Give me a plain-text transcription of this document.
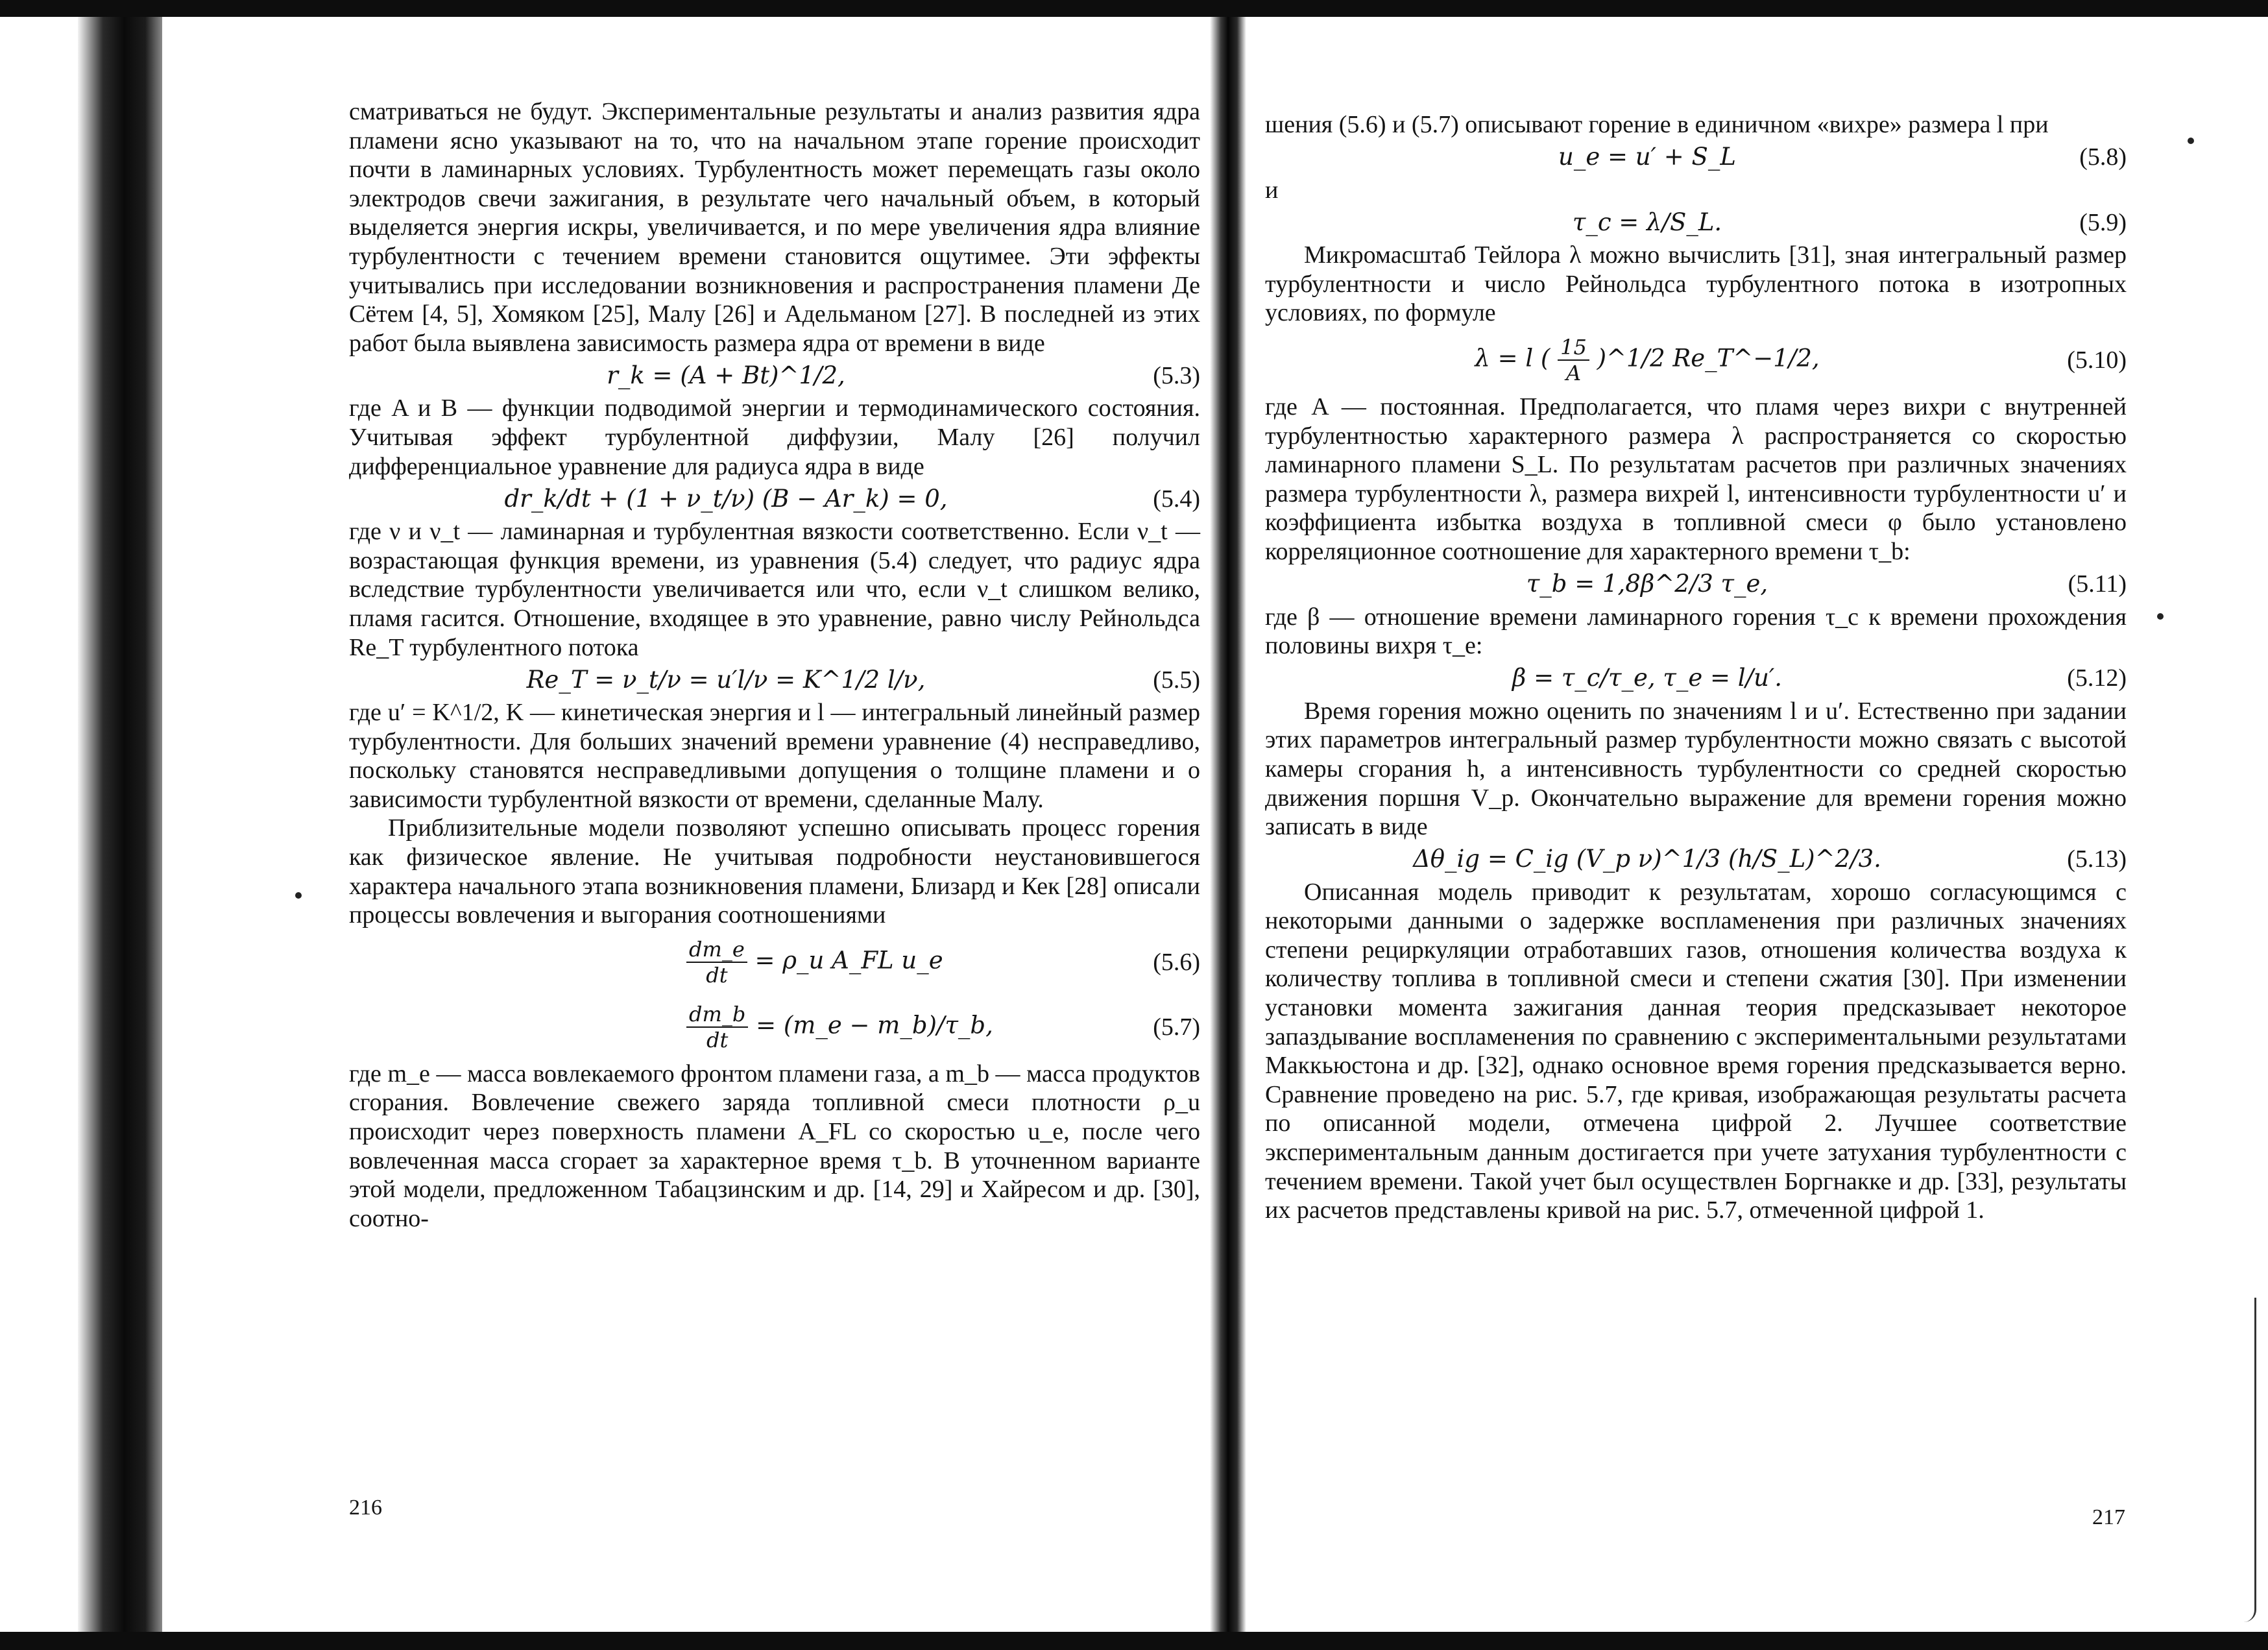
сматриваться не будут. Экспериментальные результаты и анализ развития ядра пламени ясно указывают на то, что на начальном этапе горение происходит почти в ламинарных условиях. Турбулентность может перемещать газы около электродов свечи зажигания, в результате чего начальный объем, в который выделяется энергия искры, увеличивается, и по мере увеличения ядра влияние турбулентности с течением времени становится ощутимее. Эти эффекты учитывались при исследовании возникновения и распространения пламени Де Сётем [4, 5], Хомяком [25], Малу [26] и Адельманом [27]. В последней из этих работ была выявлена зависимость размера ядра от времени в виде

r_k = (A + Bt)^1/2,	(5.3)

где A и B — функции подводимой энергии и термодинамического состояния. Учитывая эффект турбулентной диффузии, Малу [26] получил дифференциальное уравнение для радиуса ядра в виде

dr_k/dt + (1 + ν_t/ν) (B − Ar_k) = 0,	(5.4)

где ν и ν_t — ламинарная и турбулентная вязкости соответственно. Если ν_t — возрастающая функция времени, из уравнения (5.4) следует, что радиус ядра вследствие турбулентности увеличивается или что, если ν_t слишком велико, пламя гасится. Отношение, входящее в это уравнение, равно числу Рейнольдса Re_T турбулентного потока

Re_T = ν_t/ν = u′l/ν = K^1/2 l/ν,	(5.5)

где u′ = K^1/2, K — кинетическая энергия и l — интегральный линейный размер турбулентности. Для больших значений времени уравнение (4) несправедливо, поскольку становятся несправедливыми допущения о толщине пламени и о зависимости турбулентной вязкости от времени, сделанные Малу.

Приблизительные модели позволяют успешно описывать процесс горения как физическое явление. Не учитывая подробности неустановившегося характера начального этапа возникновения пламени, Близард и Кек [28] описали процессы вовлечения и выгорания соотношениями

$\frac{dm\_e}{dt}$ = ρ_u A_FL u_e	(5.6)
$\frac{dm\_b}{dt}$ = (m_e − m_b)/τ_b,	(5.7)

где m_e — масса вовлекаемого фронтом пламени газа, а m_b — масса продуктов сгорания. Вовлечение свежего заряда топливной смеси плотности ρ_u происходит через поверхность пламени A_FL со скоростью u_e, после чего вовлеченная масса сгорает за характерное время τ_b. В уточненном варианте этой модели, предложенном Табацзинским и др. [14, 29] и Хайресом и др. [30], соотно-

216

шения (5.6) и (5.7) описывают горение в единичном «вихре» размера l при

u_e = u′ + S_L	(5.8)

и

τ_c = λ/S_L.	(5.9)

Микромасштаб Тейлора λ можно вычислить [31], зная интегральный размер турбулентности и число Рейнольдса турбулентного потока в изотропных условиях, по формуле

λ = l ( $\frac{15}{A}$ )^1/2 Re_T^−1/2,	(5.10)

где A — постоянная. Предполагается, что пламя через вихри с внутренней турбулентностью характерного размера λ распространяется со скоростью ламинарного пламени S_L. По результатам расчетов при различных значениях размера турбулентности λ, размера вихрей l, интенсивности турбулентности u′ и коэффициента избытка воздуха в топливной смеси φ было установлено корреляционное соотношение для характерного времени τ_b:

τ_b = 1,8β^2/3 τ_e,	(5.11)

где β — отношение времени ламинарного горения τ_c к времени прохождения половины вихря τ_e:

β = τ_c/τ_e, τ_e = l/u′.	(5.12)

Время горения можно оценить по значениям l и u′. Естественно при задании этих параметров интегральный размер турбулентности можно связать с высотой камеры сгорания h, а интенсивность турбулентности со средней скоростью движения поршня V_p. Окончательно выражение для времени горения можно записать в виде

Δθ_ig = C_ig (V_p ν)^1/3 (h/S_L)^2/3.	(5.13)

Описанная модель приводит к результатам, хорошо согласующимся с некоторыми данными о задержке воспламенения при различных значениях степени рециркуляции отработавших газов, отношения количества воздуха к количеству топлива в топливной смеси и степени сжатия [30]. При изменении установки момента зажигания данная теория предсказывает некоторое запаздывание воспламенения по сравнению с экспериментальными результатами Маккьюстона и др. [32], однако основное время горения предсказывается верно. Сравнение проведено на рис. 5.7, где кривая, изображающая результаты расчета по описанной модели, отмечена цифрой 2. Лучшее соответствие экспериментальным данным достигается при учете затухания турбулентности с течением времени. Такой учет был осуществлен Боргнакке и др. [33], результаты их расчетов представлены кривой на рис. 5.7, отмеченной цифрой 1.

217
